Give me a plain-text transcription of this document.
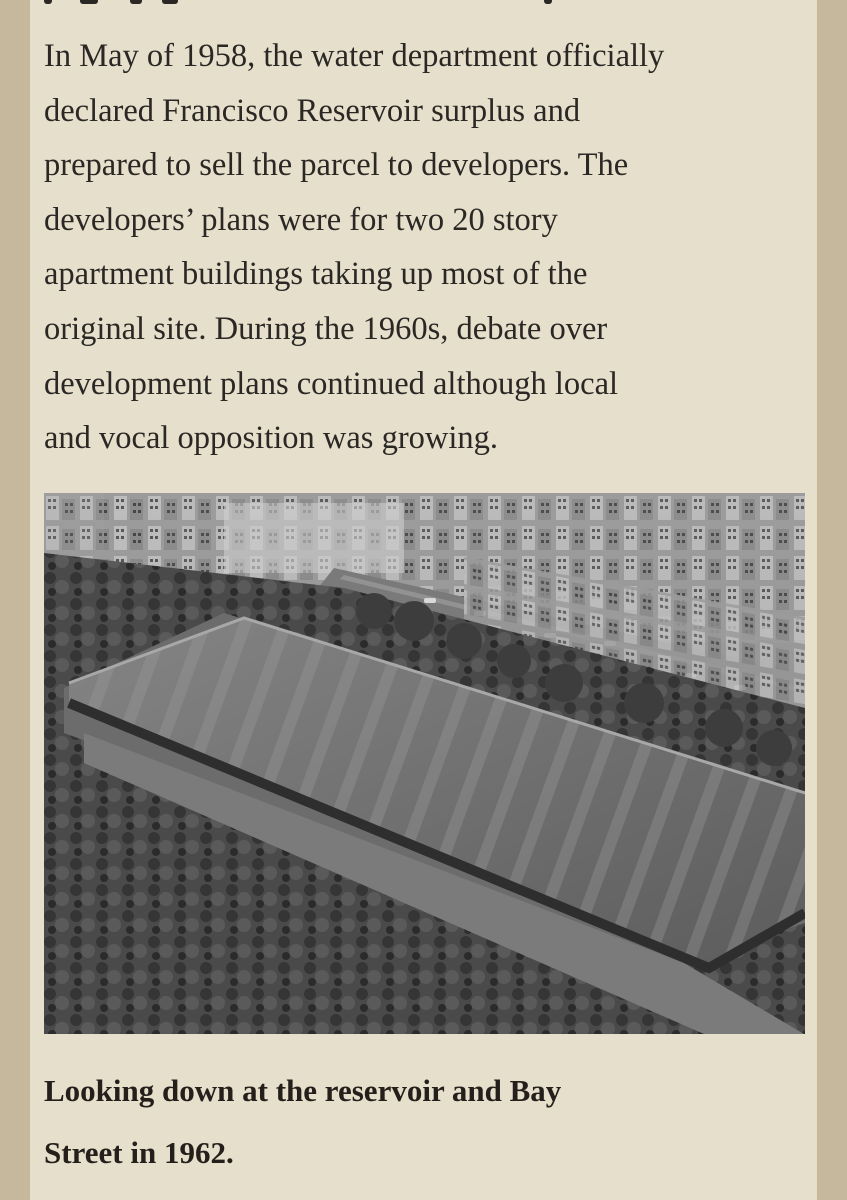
In May of 1958, the water department officially
declared Francisco Reservoir surplus and
prepared to sell the parcel to developers. The
developers’ plans were for two 20 story
apartment buildings taking up most of the
original site. During the 1960s, debate over
development plans continued although local
and vocal opposition was growing.

Looking down at the reservoir and Bay
Street in 1962.
